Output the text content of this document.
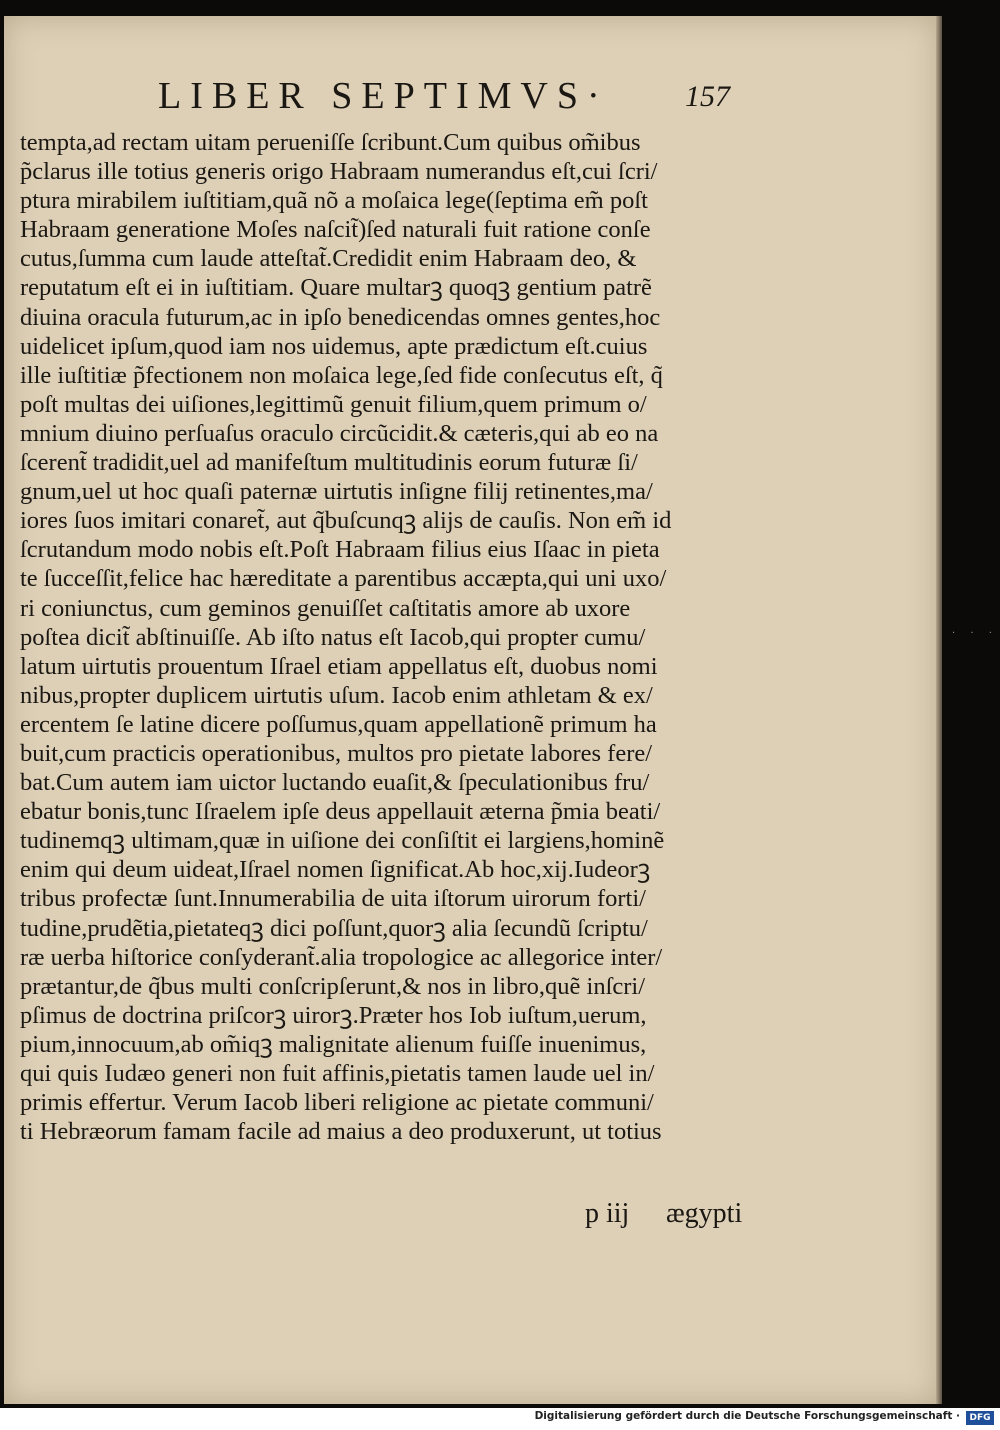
· · ·
LIBER SEPTIMVS·	157
tempta,ad rectam uitam perueniſſe ſcribunt.Cum quibus om̃ibus
p̃clarus ille totius generis origo Habraam numerandus eſt,cui ſcri/
ptura mirabilem iuſtitiam,quã nõ a moſaica lege(ſeptima em̃ poſt
Habraam generatione Moſes naſcit̃)ſed naturali fuit ratione conſe
cutus,ſumma cum laude atteſtat̃.Credidit enim Habraam deo, &
reputatum eſt ei in iuſtitiam. Quare multarꝫ quoqꝫ gentium patrẽ
diuina oracula futurum,ac in ipſo benedicendas omnes gentes,hoc
uidelicet ipſum,quod iam nos uidemus, apte prædictum eſt.cuius
ille iuſtitiæ p̃fectionem non moſaica lege,ſed fide conſecutus eſt, q̃
poſt multas dei uiſiones,legittimũ genuit filium,quem primum o/
mnium diuino perſuaſus oraculo circũcidit.& cæteris,qui ab eo na
ſcerent̃ tradidit,uel ad manifeſtum multitudinis eorum futuræ ſi/
gnum,uel ut hoc quaſi paternæ uirtutis inſigne filij retinentes,ma/
iores ſuos imitari conaret̃, aut q̃buſcunqꝫ alijs de cauſis. Non em̃ id
ſcrutandum modo nobis eſt.Poſt Habraam filius eius Iſaac in pieta
te ſucceſſit,felice hac hæreditate a parentibus accæpta,qui uni uxo/
ri coniunctus, cum geminos genuiſſet caſtitatis amore ab uxore
poſtea dicit̃ abſtinuiſſe. Ab iſto natus eſt Iacob,qui propter cumu/
latum uirtutis prouentum Iſrael etiam appellatus eſt, duobus nomi
nibus,propter duplicem uirtutis uſum. Iacob enim athletam & ex/
ercentem ſe latine dicere poſſumus,quam appellationẽ primum ha
buit,cum practicis operationibus, multos pro pietate labores fere/
bat.Cum autem iam uictor luctando euaſit,& ſpeculationibus fru/
ebatur bonis,tunc Iſraelem ipſe deus appellauit æterna p̃mia beati/
tudinemqꝫ ultimam,quæ in uiſione dei conſiſtit ei largiens,hominẽ
enim qui deum uideat,Iſrael nomen ſignificat.Ab hoc,xij.Iudeorꝫ
tribus profectæ ſunt.Innumerabilia de uita iſtorum uirorum forti/
tudine,prudẽtia,pietateqꝫ dici poſſunt,quorꝫ alia ſecundũ ſcriptu/
ræ uerba hiſtorice conſyderant̃.alia tropologice ac allegorice inter/
prætantur,de q̃bus multi conſcripſerunt,& nos in libro,quẽ inſcri/
pſimus de doctrina priſcorꝫ uirorꝫ.Præter hos Iob iuſtum,uerum,
pium,innocuum,ab om̃iqꝫ malignitate alienum fuiſſe inuenimus,
qui quis Iudæo generi non fuit affinis,pietatis tamen laude uel in/
primis effertur. Verum Iacob liberi religione ac pietate communi/
ti Hebræorum famam facile ad maius a deo produxerunt, ut totius
p iij ægypti
Digitalisierung gefördert durch die Deutsche Forschungsgemeinschaft ·	DFG
